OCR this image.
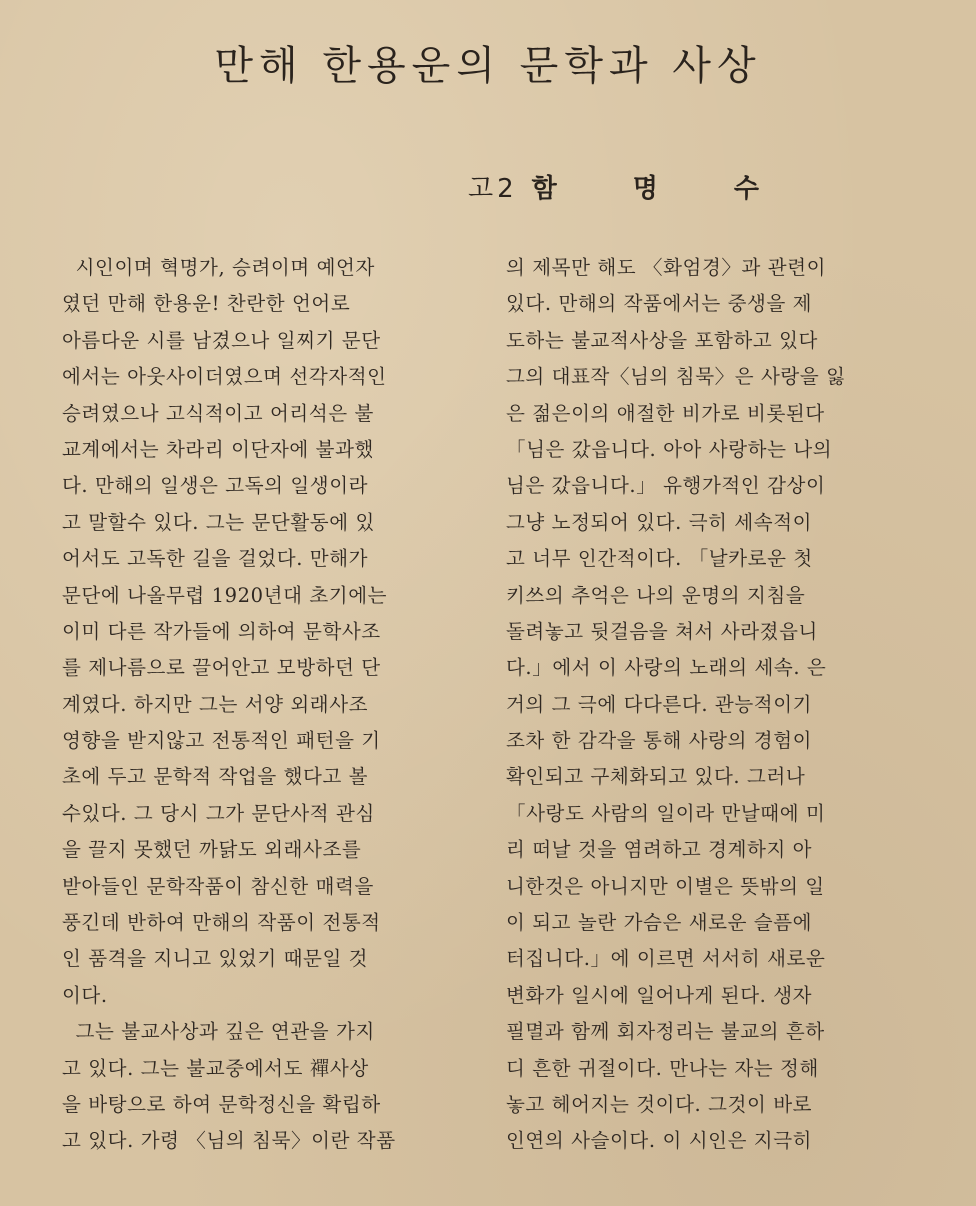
만해 한용운의 문학과 사상
고2 함명수
시인이며 혁명가, 승려이며 예언자
였던 만해 한용운! 찬란한 언어로
아름다운 시를 남겼으나 일찌기 문단
에서는 아웃사이더였으며 선각자적인
승려였으나 고식적이고 어리석은 불
교계에서는 차라리 이단자에 불과했
다. 만해의 일생은 고독의 일생이라
고 말할수 있다. 그는 문단활동에 있
어서도 고독한 길을 걸었다. 만해가
문단에 나올무렵 1920년대 초기에는
이미 다른 작가들에 의하여 문학사조
를 제나름으로 끌어안고 모방하던 단
계였다. 하지만 그는 서양 외래사조
영향을 받지않고 전통적인 패턴을 기
초에 두고 문학적 작업을 했다고 볼
수있다. 그 당시 그가 문단사적 관심
을 끌지 못했던 까닭도 외래사조를
받아들인 문학작품이 참신한 매력을
풍긴데 반하여 만해의 작품이 전통적
인 품격을 지니고 있었기 때문일 것
이다.
그는 불교사상과 깊은 연관을 가지
고 있다. 그는 불교중에서도 禪사상
을 바탕으로 하여 문학정신을 확립하
고 있다. 가령 〈님의 침묵〉이란 작품
의 제목만 해도 〈화엄경〉과 관련이
있다. 만해의 작품에서는 중생을 제
도하는 불교적사상을 포함하고 있다
그의 대표작〈님의 침묵〉은 사랑을 잃
은 젊은이의 애절한 비가로 비롯된다
「님은 갔읍니다. 아아 사랑하는 나의
님은 갔읍니다.」 유행가적인 감상이
그냥 노정되어 있다. 극히 세속적이
고 너무 인간적이다. 「날카로운 첫
키쓰의 추억은 나의 운명의 지침을
돌려놓고 뒷걸음을 쳐서 사라졌읍니
다.」에서 이 사랑의 노래의 세속. 은
거의 그 극에 다다른다. 관능적이기
조차 한 감각을 통해 사랑의 경험이
확인되고 구체화되고 있다. 그러나
「사랑도 사람의 일이라 만날때에 미
리 떠날 것을 염려하고 경계하지 아
니한것은 아니지만 이별은 뜻밖의 일
이 되고 놀란 가슴은 새로운 슬픔에
터집니다.」에 이르면 서서히 새로운
변화가 일시에 일어나게 된다. 생자
필멸과 함께 회자정리는 불교의 흔하
디 흔한 귀절이다. 만나는 자는 정해
놓고 헤어지는 것이다. 그것이 바로
인연의 사슬이다. 이 시인은 지극히
